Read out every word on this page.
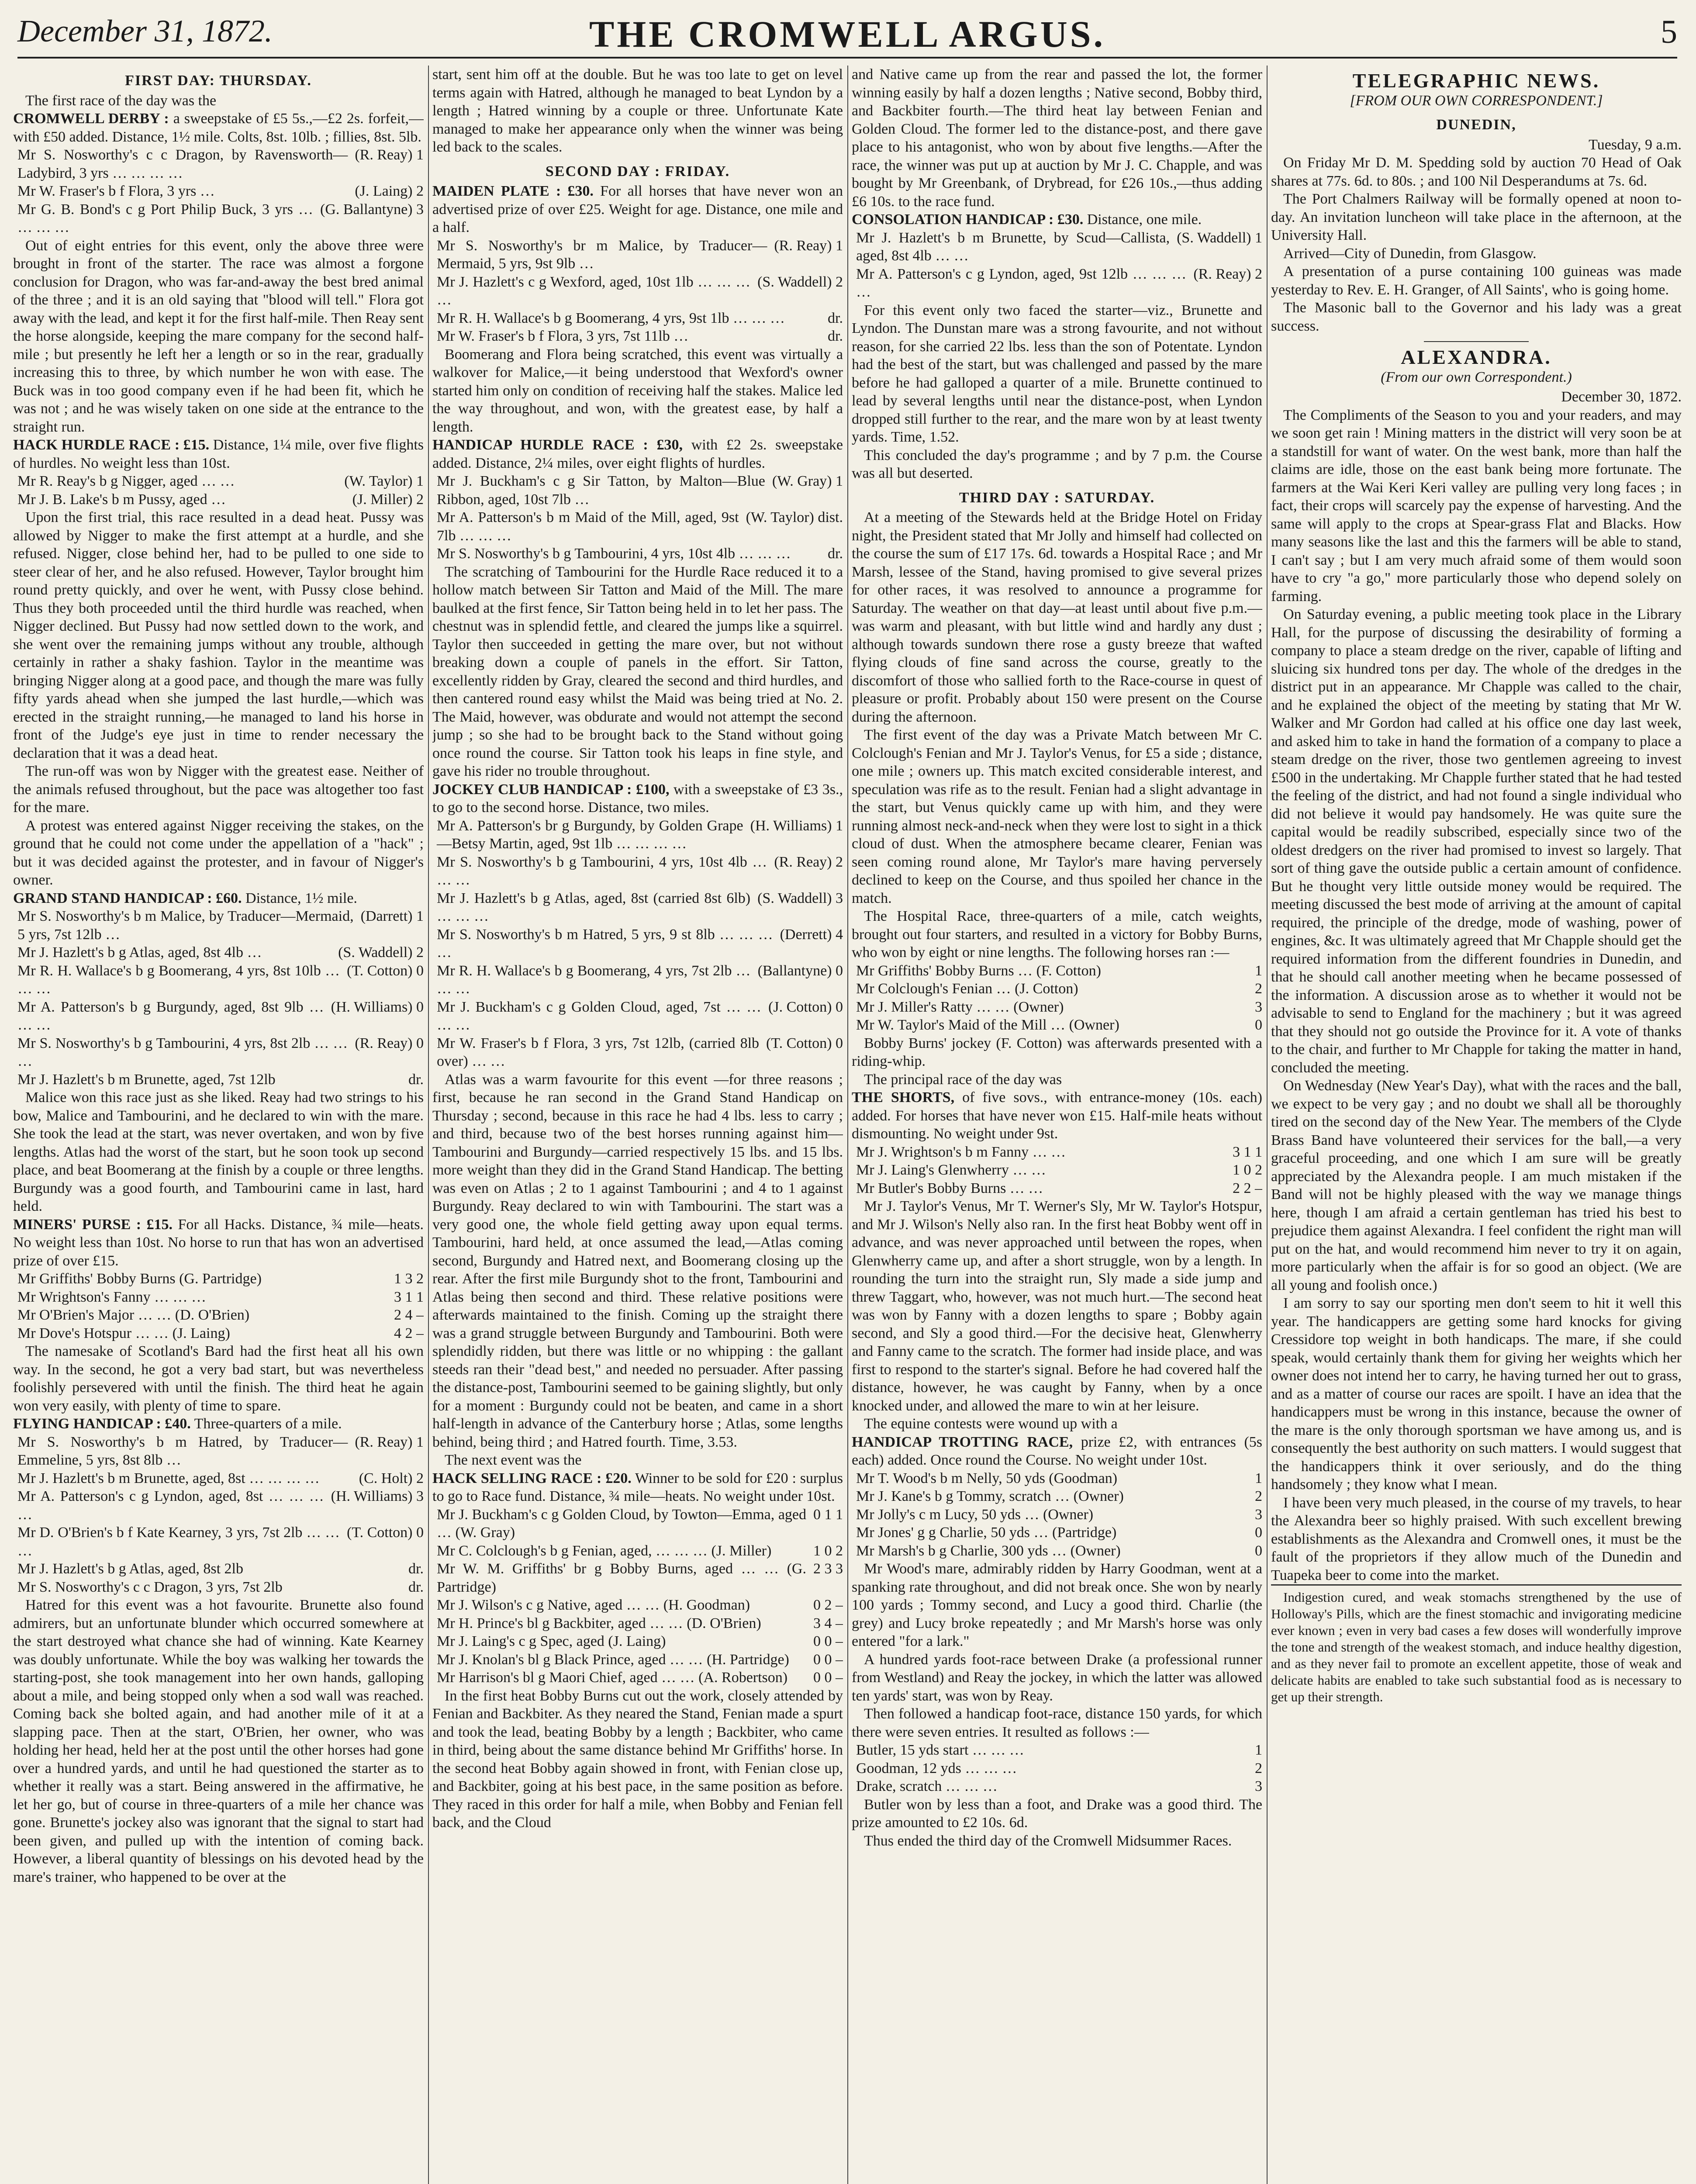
December 31, 1872.	THE CROMWELL ARGUS.	5
FIRST DAY: THURSDAY.

The first race of the day was the

CROMWELL DERBY : a sweepstake of £5 5s.,—£2 2s. forfeit,—with £50 added. Distance, 1½ mile. Colts, 8st. 10lb. ; fillies, 8st. 5lb.

Mr S. Nosworthy's c c Dragon, by Ravensworth—Ladybird, 3 yrs … … … …
(R. Reay) 1
Mr W. Fraser's b f Flora, 3 yrs …	(J. Laing) 2
Mr G. B. Bond's c g Port Philip Buck, 3 yrs … … … …
(G. Ballantyne) 3

Out of eight entries for this event, only the above three were brought in front of the starter. The race was almost a forgone conclusion for Dragon, who was far-and-away the best bred animal of the three ; and it is an old saying that "blood will tell." Flora got away with the lead, and kept it for the first half-mile. Then Reay sent the horse alongside, keeping the mare company for the second half-mile ; but presently he left her a length or so in the rear, gradually increasing this to three, by which number he won with ease. The Buck was in too good company even if he had been fit, which he was not ; and he was wisely taken on one side at the entrance to the straight run.

HACK HURDLE RACE : £15. Distance, 1¼ mile, over five flights of hurdles. No weight less than 10st.

Mr R. Reay's b g Nigger, aged … …	(W. Taylor) 1
Mr J. B. Lake's b m Pussy, aged …	(J. Miller) 2

Upon the first trial, this race resulted in a dead heat. Pussy was allowed by Nigger to make the first attempt at a hurdle, and she refused. Nigger, close behind her, had to be pulled to one side to steer clear of her, and he also refused. However, Taylor brought him round pretty quickly, and over he went, with Pussy close behind. Thus they both proceeded until the third hurdle was reached, when Nigger declined. But Pussy had now settled down to the work, and she went over the remaining jumps without any trouble, although certainly in rather a shaky fashion. Taylor in the meantime was bringing Nigger along at a good pace, and though the mare was fully fifty yards ahead when she jumped the last hurdle,—which was erected in the straight running,—he managed to land his horse in front of the Judge's eye just in time to render necessary the declaration that it was a dead heat.

The run-off was won by Nigger with the greatest ease. Neither of the animals refused throughout, but the pace was altogether too fast for the mare.

A protest was entered against Nigger receiving the stakes, on the ground that he could not come under the appellation of a "hack" ; but it was decided against the protester, and in favour of Nigger's owner.

GRAND STAND HANDICAP : £60. Distance, 1½ mile.

Mr S. Nosworthy's b m Malice, by Traducer—Mermaid, 5 yrs, 7st 12lb …
(Darrett) 1
Mr J. Hazlett's b g Atlas, aged, 8st 4lb …	(S. Waddell) 2
Mr R. H. Wallace's b g Boomerang, 4 yrs, 8st 10lb … … …
(T. Cotton) 0
Mr A. Patterson's b g Burgundy, aged, 8st 9lb … … …
(H. Williams) 0
Mr S. Nosworthy's b g Tambourini, 4 yrs, 8st 2lb … … …
(R. Reay) 0
Mr J. Hazlett's b m Brunette, aged, 7st 12lb	dr.

Malice won this race just as she liked. Reay had two strings to his bow, Malice and Tambourini, and he declared to win with the mare. She took the lead at the start, was never overtaken, and won by five lengths. Atlas had the worst of the start, but he soon took up second place, and beat Boomerang at the finish by a couple or three lengths. Burgundy was a good fourth, and Tambourini came in last, hard held.

MINERS' PURSE : £15. For all Hacks. Distance, ¾ mile—heats. No weight less than 10st. No horse to run that has won an advertised prize of over £15.

Mr Griffiths' Bobby Burns (G. Partridge)	1 3 2
Mr Wrightson's Fanny … … …	3 1 1
Mr O'Brien's Major … … (D. O'Brien)	2 4 –
Mr Dove's Hotspur … … (J. Laing)	4 2 –

The namesake of Scotland's Bard had the first heat all his own way. In the second, he got a very bad start, but was nevertheless foolishly persevered with until the finish. The third heat he again won very easily, with plenty of time to spare.

FLYING HANDICAP : £40. Three-quarters of a mile.

Mr S. Nosworthy's b m Hatred, by Traducer—Emmeline, 5 yrs, 8st 8lb …
(R. Reay) 1
Mr J. Hazlett's b m Brunette, aged, 8st … … … …	(C. Holt) 2
Mr A. Patterson's c g Lyndon, aged, 8st … … … …
(H. Williams) 3
Mr D. O'Brien's b f Kate Kearney, 3 yrs, 7st 2lb … … …
(T. Cotton) 0
Mr J. Hazlett's b g Atlas, aged, 8st 2lb	dr.
Mr S. Nosworthy's c c Dragon, 3 yrs, 7st 2lb	dr.

Hatred for this event was a hot favourite. Brunette also found admirers, but an unfortunate blunder which occurred somewhere at the start destroyed what chance she had of winning. Kate Kearney was doubly unfortunate. While the boy was walking her towards the starting-post, she took management into her own hands, galloping about a mile, and being stopped only when a sod wall was reached. Coming back she bolted again, and had another mile of it at a slapping pace. Then at the start, O'Brien, her owner, who was holding her head, held her at the post until the other horses had gone over a hundred yards, and until he had questioned the starter as to whether it really was a start. Being answered in the affirmative, he let her go, but of course in three-quarters of a mile her chance was gone. Brunette's jockey also was ignorant that the signal to start had been given, and pulled up with the intention of coming back. However, a liberal quantity of blessings on his devoted head by the mare's trainer, who happened to be over at the

start, sent him off at the double. But he was too late to get on level terms again with Hatred, although he managed to beat Lyndon by a length ; Hatred winning by a couple or three. Unfortunate Kate managed to make her appearance only when the winner was being led back to the scales.

SECOND DAY : FRIDAY.

MAIDEN PLATE : £30. For all horses that have never won an advertised prize of over £25. Weight for age. Distance, one mile and a half.

Mr S. Nosworthy's br m Malice, by Traducer—Mermaid, 5 yrs, 9st 9lb …
(R. Reay) 1
Mr J. Hazlett's c g Wexford, aged, 10st 1lb … … … …
(S. Waddell) 2
Mr R. H. Wallace's b g Boomerang, 4 yrs, 9st 1lb … … …	dr.
Mr W. Fraser's b f Flora, 3 yrs, 7st 11lb …	dr.

Boomerang and Flora being scratched, this event was virtually a walkover for Malice,—it being understood that Wexford's owner started him only on condition of receiving half the stakes. Malice led the way throughout, and won, with the greatest ease, by half a length.

HANDICAP HURDLE RACE : £30, with £2 2s. sweepstake added. Distance, 2¼ miles, over eight flights of hurdles.

Mr J. Buckham's c g Sir Tatton, by Malton—Blue Ribbon, aged, 10st 7lb …
(W. Gray) 1
Mr A. Patterson's b m Maid of the Mill, aged, 9st 7lb … … …
(W. Taylor) dist.
Mr S. Nosworthy's b g Tambourini, 4 yrs, 10st 4lb … … …	dr.

The scratching of Tambourini for the Hurdle Race reduced it to a hollow match between Sir Tatton and Maid of the Mill. The mare baulked at the first fence, Sir Tatton being held in to let her pass. The chestnut was in splendid fettle, and cleared the jumps like a squirrel. Taylor then succeeded in getting the mare over, but not without breaking down a couple of panels in the effort. Sir Tatton, excellently ridden by Gray, cleared the second and third hurdles, and then cantered round easy whilst the Maid was being tried at No. 2. The Maid, however, was obdurate and would not attempt the second jump ; so she had to be brought back to the Stand without going once round the course. Sir Tatton took his leaps in fine style, and gave his rider no trouble throughout.

JOCKEY CLUB HANDICAP : £100, with a sweepstake of £3 3s., to go to the second horse. Distance, two miles.

Mr A. Patterson's br g Burgundy, by Golden Grape—Betsy Martin, aged, 9st 1lb … … … …
(H. Williams) 1
Mr S. Nosworthy's b g Tambourini, 4 yrs, 10st 4lb … … …
(R. Reay) 2
Mr J. Hazlett's b g Atlas, aged, 8st (carried 8st 6lb) … … …
(S. Waddell) 3
Mr S. Nosworthy's b m Hatred, 5 yrs, 9 st 8lb … … … …
(Derrett) 4
Mr R. H. Wallace's b g Boomerang, 4 yrs, 7st 2lb … … …
(Ballantyne) 0
Mr J. Buckham's c g Golden Cloud, aged, 7st … … … …
(J. Cotton) 0
Mr W. Fraser's b f Flora, 3 yrs, 7st 12lb, (carried 8lb over) … …
(T. Cotton) 0

Atlas was a warm favourite for this event —for three reasons ; first, because he ran second in the Grand Stand Handicap on Thursday ; second, because in this race he had 4 lbs. less to carry ; and third, because two of the best horses running against him—Tambourini and Burgundy—carried respectively 15 lbs. and 15 lbs. more weight than they did in the Grand Stand Handicap. The betting was even on Atlas ; 2 to 1 against Tambourini ; and 4 to 1 against Burgundy. Reay declared to win with Tambourini. The start was a very good one, the whole field getting away upon equal terms. Tambourini, hard held, at once assumed the lead,—Atlas coming second, Burgundy and Hatred next, and Boomerang closing up the rear. After the first mile Burgundy shot to the front, Tambourini and Atlas being then second and third. These relative positions were afterwards maintained to the finish. Coming up the straight there was a grand struggle between Burgundy and Tambourini. Both were splendidly ridden, but there was little or no whipping : the gallant steeds ran their "dead best," and needed no persuader. After passing the distance-post, Tambourini seemed to be gaining slightly, but only for a moment : Burgundy could not be beaten, and came in a short half-length in advance of the Canterbury horse ; Atlas, some lengths behind, being third ; and Hatred fourth. Time, 3.53.

The next event was the

HACK SELLING RACE : £20. Winner to be sold for £20 : surplus to go to Race fund. Distance, ¾ mile—heats. No weight under 10st.

Mr J. Buckham's c g Golden Cloud, by Towton—Emma, aged … (W. Gray)
0 1 1
Mr C. Colclough's b g Fenian, aged, … … … (J. Miller)	1 0 2
Mr W. M. Griffiths' br g Bobby Burns, aged … … (G. Partridge)
2 3 3
Mr J. Wilson's c g Native, aged … … (H. Goodman)	0 2 –
Mr H. Prince's bl g Backbiter, aged … … (D. O'Brien)	3 4 –
Mr J. Laing's c g Spec, aged (J. Laing)	0 0 –
Mr J. Knolan's bl g Black Prince, aged … … (H. Partridge)	0 0 –
Mr Harrison's bl g Maori Chief, aged … … (A. Robertson)	0 0 –

In the first heat Bobby Burns cut out the work, closely attended by Fenian and Backbiter. As they neared the Stand, Fenian made a spurt and took the lead, beating Bobby by a length ; Backbiter, who came in third, being about the same distance behind Mr Griffiths' horse. In the second heat Bobby again showed in front, with Fenian close up, and Backbiter, going at his best pace, in the same position as before. They raced in this order for half a mile, when Bobby and Fenian fell back, and the Cloud

and Native came up from the rear and passed the lot, the former winning easily by half a dozen lengths ; Native second, Bobby third, and Backbiter fourth.—The third heat lay between Fenian and Golden Cloud. The former led to the distance-post, and there gave place to his antagonist, who won by about five lengths.—After the race, the winner was put up at auction by Mr J. C. Chapple, and was bought by Mr Greenbank, of Drybread, for £26 10s.,—thus adding £6 10s. to the race fund.

CONSOLATION HANDICAP : £30. Distance, one mile.

Mr J. Hazlett's b m Brunette, by Scud—Callista, aged, 8st 4lb … …
(S. Waddell) 1
Mr A. Patterson's c g Lyndon, aged, 9st 12lb … … … …
(R. Reay) 2

For this event only two faced the starter—viz., Brunette and Lyndon. The Dunstan mare was a strong favourite, and not without reason, for she carried 22 lbs. less than the son of Potentate. Lyndon had the best of the start, but was challenged and passed by the mare before he had galloped a quarter of a mile. Brunette continued to lead by several lengths until near the distance-post, when Lyndon dropped still further to the rear, and the mare won by at least twenty yards. Time, 1.52.

This concluded the day's programme ; and by 7 p.m. the Course was all but deserted.

THIRD DAY : SATURDAY.

At a meeting of the Stewards held at the Bridge Hotel on Friday night, the President stated that Mr Jolly and himself had collected on the course the sum of £17 17s. 6d. towards a Hospital Race ; and Mr Marsh, lessee of the Stand, having promised to give several prizes for other races, it was resolved to announce a programme for Saturday. The weather on that day—at least until about five p.m.—was warm and pleasant, with but little wind and hardly any dust ; although towards sundown there rose a gusty breeze that wafted flying clouds of fine sand across the course, greatly to the discomfort of those who sallied forth to the Race-course in quest of pleasure or profit. Probably about 150 were present on the Course during the afternoon.

The first event of the day was a Private Match between Mr C. Colclough's Fenian and Mr J. Taylor's Venus, for £5 a side ; distance, one mile ; owners up. This match excited considerable interest, and speculation was rife as to the result. Fenian had a slight advantage in the start, but Venus quickly came up with him, and they were running almost neck-and-neck when they were lost to sight in a thick cloud of dust. When the atmosphere became clearer, Fenian was seen coming round alone, Mr Taylor's mare having perversely declined to keep on the Course, and thus spoiled her chance in the match.

The Hospital Race, three-quarters of a mile, catch weights, brought out four starters, and resulted in a victory for Bobby Burns, who won by eight or nine lengths. The following horses ran :—

Mr Griffiths' Bobby Burns … (F. Cotton)	1
Mr Colclough's Fenian … (J. Cotton)	2
Mr J. Miller's Ratty … … (Owner)	3
Mr W. Taylor's Maid of the Mill … (Owner)	0

Bobby Burns' jockey (F. Cotton) was afterwards presented with a riding-whip.

The principal race of the day was

THE SHORTS, of five sovs., with entrance-money (10s. each) added. For horses that have never won £15. Half-mile heats without dismounting. No weight under 9st.

Mr J. Wrightson's b m Fanny … …	3 1 1
Mr J. Laing's Glenwherry … …	1 0 2
Mr Butler's Bobby Burns … …	2 2 –

Mr J. Taylor's Venus, Mr T. Werner's Sly, Mr W. Taylor's Hotspur, and Mr J. Wilson's Nelly also ran. In the first heat Bobby went off in advance, and was never approached until between the ropes, when Glenwherry came up, and after a short struggle, won by a length. In rounding the turn into the straight run, Sly made a side jump and threw Taggart, who, however, was not much hurt.—The second heat was won by Fanny with a dozen lengths to spare ; Bobby again second, and Sly a good third.—For the decisive heat, Glenwherry and Fanny came to the scratch. The former had inside place, and was first to respond to the starter's signal. Before he had covered half the distance, however, he was caught by Fanny, when by a once knocked under, and allowed the mare to win at her leisure.

The equine contests were wound up with a

HANDICAP TROTTING RACE, prize £2, with entrances (5s each) added. Once round the Course. No weight under 10st.

Mr T. Wood's b m Nelly, 50 yds (Goodman)	1
Mr J. Kane's b g Tommy, scratch … (Owner)	2
Mr Jolly's c m Lucy, 50 yds … (Owner)	3
Mr Jones' g g Charlie, 50 yds … (Partridge)	0
Mr Marsh's b g Charlie, 300 yds … (Owner)	0

Mr Wood's mare, admirably ridden by Harry Goodman, went at a spanking rate throughout, and did not break once. She won by nearly 100 yards ; Tommy second, and Lucy a good third. Charlie (the grey) and Lucy broke repeatedly ; and Mr Marsh's horse was only entered "for a lark."

A hundred yards foot-race between Drake (a professional runner from Westland) and Reay the jockey, in which the latter was allowed ten yards' start, was won by Reay.

Then followed a handicap foot-race, distance 150 yards, for which there were seven entries. It resulted as follows :—

Butler, 15 yds start … … …	1
Goodman, 12 yds … … …	2
Drake, scratch … … …	3

Butler won by less than a foot, and Drake was a good third. The prize amounted to £2 10s. 6d.

Thus ended the third day of the Cromwell Midsummer Races.

TELEGRAPHIC NEWS.
[FROM OUR OWN CORRESPONDENT.]
DUNEDIN,
Tuesday, 9 a.m.

On Friday Mr D. M. Spedding sold by auction 70 Head of Oak shares at 77s. 6d. to 80s. ; and 100 Nil Desperandums at 7s. 6d.

The Port Chalmers Railway will be formally opened at noon to-day. An invitation luncheon will take place in the afternoon, at the University Hall.

Arrived—City of Dunedin, from Glasgow.

A presentation of a purse containing 100 guineas was made yesterday to Rev. E. H. Granger, of All Saints', who is going home.

The Masonic ball to the Governor and his lady was a great success.

ALEXANDRA.
(From our own Correspondent.)
December 30, 1872.

The Compliments of the Season to you and your readers, and may we soon get rain ! Mining matters in the district will very soon be at a standstill for want of water. On the west bank, more than half the claims are idle, those on the east bank being more fortunate. The farmers at the Wai Keri Keri valley are pulling very long faces ; in fact, their crops will scarcely pay the expense of harvesting. And the same will apply to the crops at Spear-grass Flat and Blacks. How many seasons like the last and this the farmers will be able to stand, I can't say ; but I am very much afraid some of them would soon have to cry "a go," more particularly those who depend solely on farming.

On Saturday evening, a public meeting took place in the Library Hall, for the purpose of discussing the desirability of forming a company to place a steam dredge on the river, capable of lifting and sluicing six hundred tons per day. The whole of the dredges in the district put in an appearance. Mr Chapple was called to the chair, and he explained the object of the meeting by stating that Mr W. Walker and Mr Gordon had called at his office one day last week, and asked him to take in hand the formation of a company to place a steam dredge on the river, those two gentlemen agreeing to invest £500 in the undertaking. Mr Chapple further stated that he had tested the feeling of the district, and had not found a single individual who did not believe it would pay handsomely. He was quite sure the capital would be readily subscribed, especially since two of the oldest dredgers on the river had promised to invest so largely. That sort of thing gave the outside public a certain amount of confidence. But he thought very little outside money would be required. The meeting discussed the best mode of arriving at the amount of capital required, the principle of the dredge, mode of washing, power of engines, &c. It was ultimately agreed that Mr Chapple should get the required information from the different foundries in Dunedin, and that he should call another meeting when he became possessed of the information. A discussion arose as to whether it would not be advisable to send to England for the machinery ; but it was agreed that they should not go outside the Province for it. A vote of thanks to the chair, and further to Mr Chapple for taking the matter in hand, concluded the meeting.

On Wednesday (New Year's Day), what with the races and the ball, we expect to be very gay ; and no doubt we shall all be thoroughly tired on the second day of the New Year. The members of the Clyde Brass Band have volunteered their services for the ball,—a very graceful proceeding, and one which I am sure will be greatly appreciated by the Alexandra people. I am much mistaken if the Band will not be highly pleased with the way we manage things here, though I am afraid a certain gentleman has tried his best to prejudice them against Alexandra. I feel confident the right man will put on the hat, and would recommend him never to try it on again, more particularly when the affair is for so good an object. (We are all young and foolish once.)

I am sorry to say our sporting men don't seem to hit it well this year. The handicappers are getting some hard knocks for giving Cressidore top weight in both handicaps. The mare, if she could speak, would certainly thank them for giving her weights which her owner does not intend her to carry, he having turned her out to grass, and as a matter of course our races are spoilt. I have an idea that the handicappers must be wrong in this instance, because the owner of the mare is the only thorough sportsman we have among us, and is consequently the best authority on such matters. I would suggest that the handicappers think it over seriously, and do the thing handsomely ; they know what I mean.

I have been very much pleased, in the course of my travels, to hear the Alexandra beer so highly praised. With such excellent brewing establishments as the Alexandra and Cromwell ones, it must be the fault of the proprietors if they allow much of the Dunedin and Tuapeka beer to come into the market.

Indigestion cured, and weak stomachs strengthened by the use of Holloway's Pills, which are the finest stomachic and invigorating medicine ever known ; even in very bad cases a few doses will wonderfully improve the tone and strength of the weakest stomach, and induce healthy digestion, and as they never fail to promote an excellent appetite, those of weak and delicate habits are enabled to take such substantial food as is necessary to get up their strength.
